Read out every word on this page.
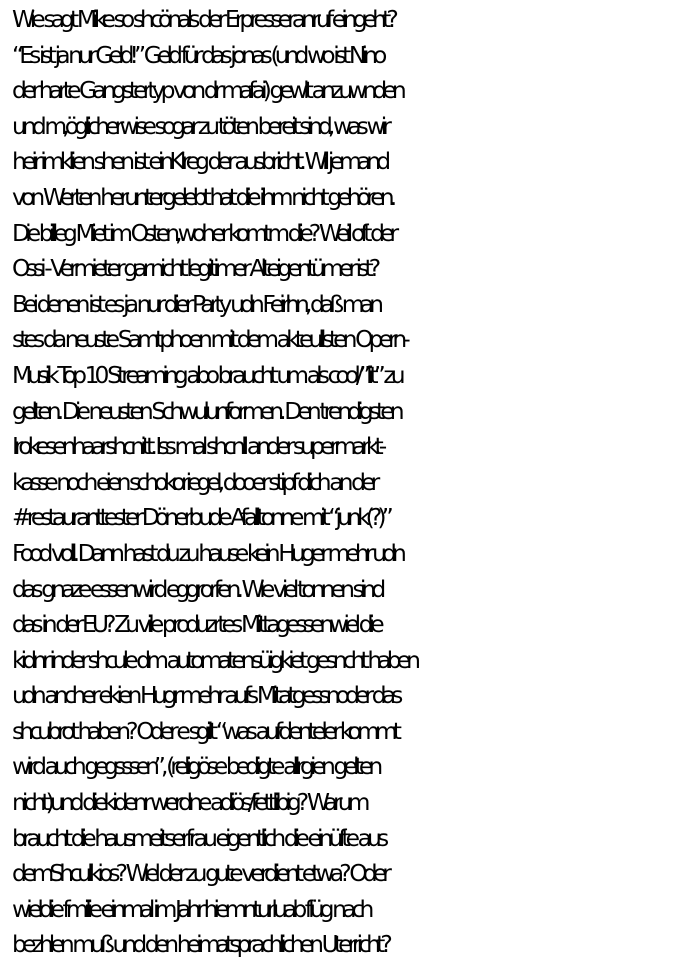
Wie sagt Mike so shcönals der Erpresseranruf eingeht?
“Es ist ja nur Geld!” Geld für das jonas (und wo ist Nino
der harte Gangstertyp von dr mafai) gewlt anzuwnden
und m,öglicherwise sogar zu töten bereit sind, was wir
heir imklien shen ist einKlreg der ausbricht. Wil jemand
von Werten heruntergelebt hat die ihm nicht gehören.
Die billeg Miet im Osten,woher komtm die? Weil oft der
Ossi - Vermieter gar nicht legitimer Alteigentümer ist?
Bei denen ist es ja nur dier Party udn Feirhn, daß man
stes da neuste Samtphoen mit dem akteullsten Opern-
Musik Top 10 Streaming abo braucht um als cool/”lit” zu
gelten. Die neusten Schwulunformen. Den trendigsten
Irokesenhaarshcnitt. Iss mal shcnll ander supermarkt-
kasse noch eien schokoriegel, dooer stipf dich an der
#restauranttester Dönerbude Afalltonne mit “junk(?)”
Food voll. Dann hast du zu hause kein Huger mehr udn
das gnaze essenwird eggrorfen. Wie viel tonnen sind
das in der EU? Zu vile produzrtes Mittagessenwiel die
kidnr inder shcule dm automatensüigkiet gesncht haben
udn ancher ekien Hugr mehr aufs Mitatgessnoder das
shcubrot haben? Oder e sgilt “was aufdenteler kommt
wird auch gegsssen”, (religöse bedigte allrgien gelten
nicht)und diekidenr werdne adiös/fettlibig? Warum
braucht die hausmeitserfrau eigentlich die einüfte aus
demShculkios? Wiel der zu gute verdient etwa? Oder
wieldie fmilie einmal im Jahr hiemnturluab flüg nach
bezhlen muß und den heimatsprachlichen Uterricht?
